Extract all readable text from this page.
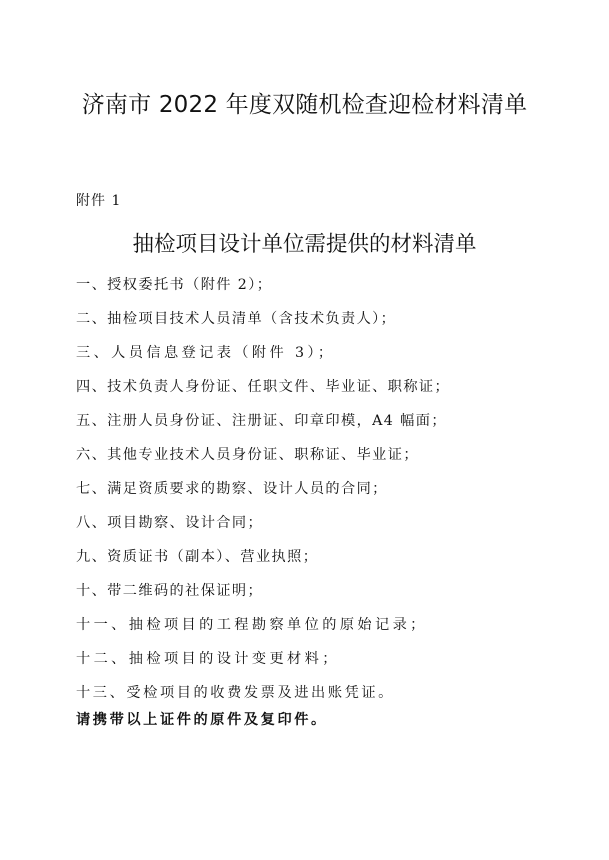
济南市 2022 年度双随机检查迎检材料清单
附件 1
抽检项目设计单位需提供的材料清单
一、授权委托书（附件 2）；
二、抽检项目技术人员清单（含技术负责人）；
三、人员信息登记表（附件 3）；
四、技术负责人身份证、任职文件、毕业证、职称证；
五、注册人员身份证、注册证、印章印模，A4 幅面；
六、其他专业技术人员身份证、职称证、毕业证；
七、满足资质要求的勘察、设计人员的合同；
八、项目勘察、设计合同；
九、资质证书（副本）、营业执照；
十、带二维码的社保证明；
十一、抽检项目的工程勘察单位的原始记录；
十二、抽检项目的设计变更材料；
十三、受检项目的收费发票及进出账凭证。
请携带以上证件的原件及复印件。
